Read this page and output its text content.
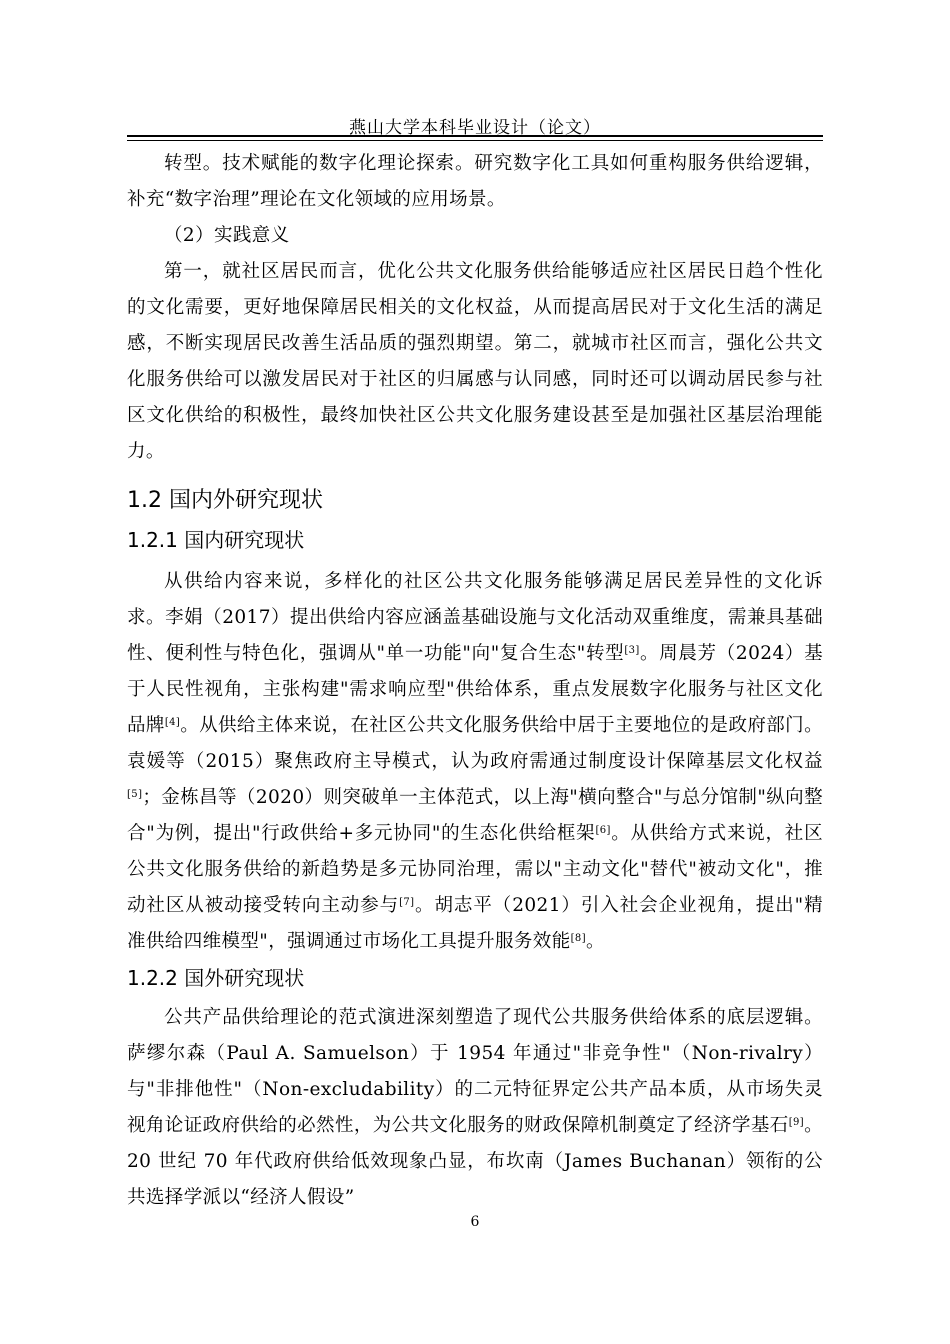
燕山大学本科毕业设计（论文）

转型。技术赋能的数字化理论探索。研究数字化工具如何重构服务供给逻辑，补充“数字治理”理论在文化领域的应用场景。

（2）实践意义

第一，就社区居民而言，优化公共文化服务供给能够适应社区居民日趋个性化的文化需要，更好地保障居民相关的文化权益，从而提高居民对于文化生活的满足感，不断实现居民改善生活品质的强烈期望。第二，就城市社区而言，强化公共文化服务供给可以激发居民对于社区的归属感与认同感，同时还可以调动居民参与社区文化供给的积极性，最终加快社区公共文化服务建设甚至是加强社区基层治理能力。

1.2 国内外研究现状
1.2.1 国内研究现状

从供给内容来说，多样化的社区公共文化服务能够满足居民差异性的文化诉求。李娟（2017）提出供给内容应涵盖基础设施与文化活动双重维度，需兼具基础性、便利性与特色化，强调从"单一功能"向"复合生态"转型[3]。周晨芳（2024）基于人民性视角，主张构建"需求响应型"供给体系，重点发展数字化服务与社区文化品牌[4]。从供给主体来说，在社区公共文化服务供给中居于主要地位的是政府部门。袁媛等（2015）聚焦政府主导模式，认为政府需通过制度设计保障基层文化权益[5]；金栋昌等（2020）则突破单一主体范式，以上海"横向整合"与总分馆制"纵向整合"为例，提出"行政供给+多元协同"的生态化供给框架[6]。从供给方式来说，社区公共文化服务供给的新趋势是多元协同治理，需以"主动文化"替代"被动文化"，推动社区从被动接受转向主动参与[7]。胡志平（2021）引入社会企业视角，提出"精准供给四维模型"，强调通过市场化工具提升服务效能[8]。

1.2.2 国外研究现状

公共产品供给理论的范式演进深刻塑造了现代公共服务供给体系的底层逻辑。萨缪尔森（Paul A. Samuelson）于 1954 年通过"非竞争性"（Non-rivalry）与"非排他性"（Non-excludability）的二元特征界定公共产品本质，从市场失灵视角论证政府供给的必然性，为公共文化服务的财政保障机制奠定了经济学基石[9]。20 世纪 70 年代政府供给低效现象凸显，布坎南（James Buchanan）领衔的公共选择学派以“经济人假设”

6
